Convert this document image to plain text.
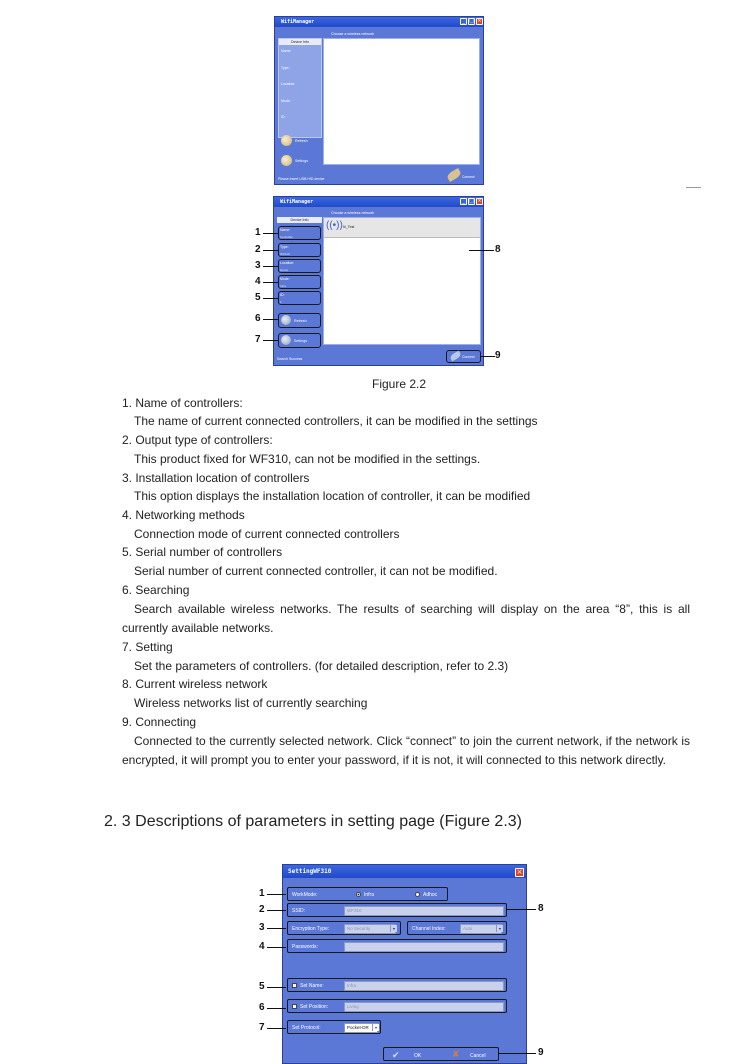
WifiManager	_ □ ×
Choose a wireless network
Device Info
Name:
Type:
Location:
Mode:
ID:
Refresh
Settings
Please insert USB HID device	Connect
WifiManager	_ □ ×
Choose a wireless network
((•)) hi_Test
Device Info
Name:
Controller
Type:
WF310
Location:
Home
Mode:
Infra
ID:
1
Refresh
Settings
Search Success	Connect
1
2
3
4
5
6
7
8
9
Figure 2.2
1. Name of controllers:
The name of current connected controllers, it can be modified in the settings
2. Output type of controllers:
This product fixed for WF310, can not be modified in the settings.
3. Installation location of controllers
This option displays the installation location of controller, it can be modified
4. Networking methods
Connection mode of current connected controllers
5. Serial number of controllers
Serial number of current connected controller, it can not be modified.
6. Searching
Search available wireless networks. The results of searching will display on the area “8”, this is all currently available networks.
7. Setting
Set the parameters of controllers. (for detailed description, refer to 2.3)
8. Current wireless network
Wireless networks list of currently searching
9. Connecting
Connected to the currently selected network. Click “connect” to join the current network, if the network is encrypted, it will prompt you to enter your password, if it is not, it will connected to this network directly.
2. 3 Descriptions of parameters in setting page (Figure 2.3)
SettingWF310	×
WorkMode:	Infra	Adhoc
SSID:	WF310
Encryption Type:	No Security	▾	Channel Index:	Auto	▾
Passwords:
Set Name:	Infra
Set Position:	Living
Set Protocol:	Pocket-DR	▾
✔	OK	✘ Cancel
1
2
3
4
5
6
7
8
9
